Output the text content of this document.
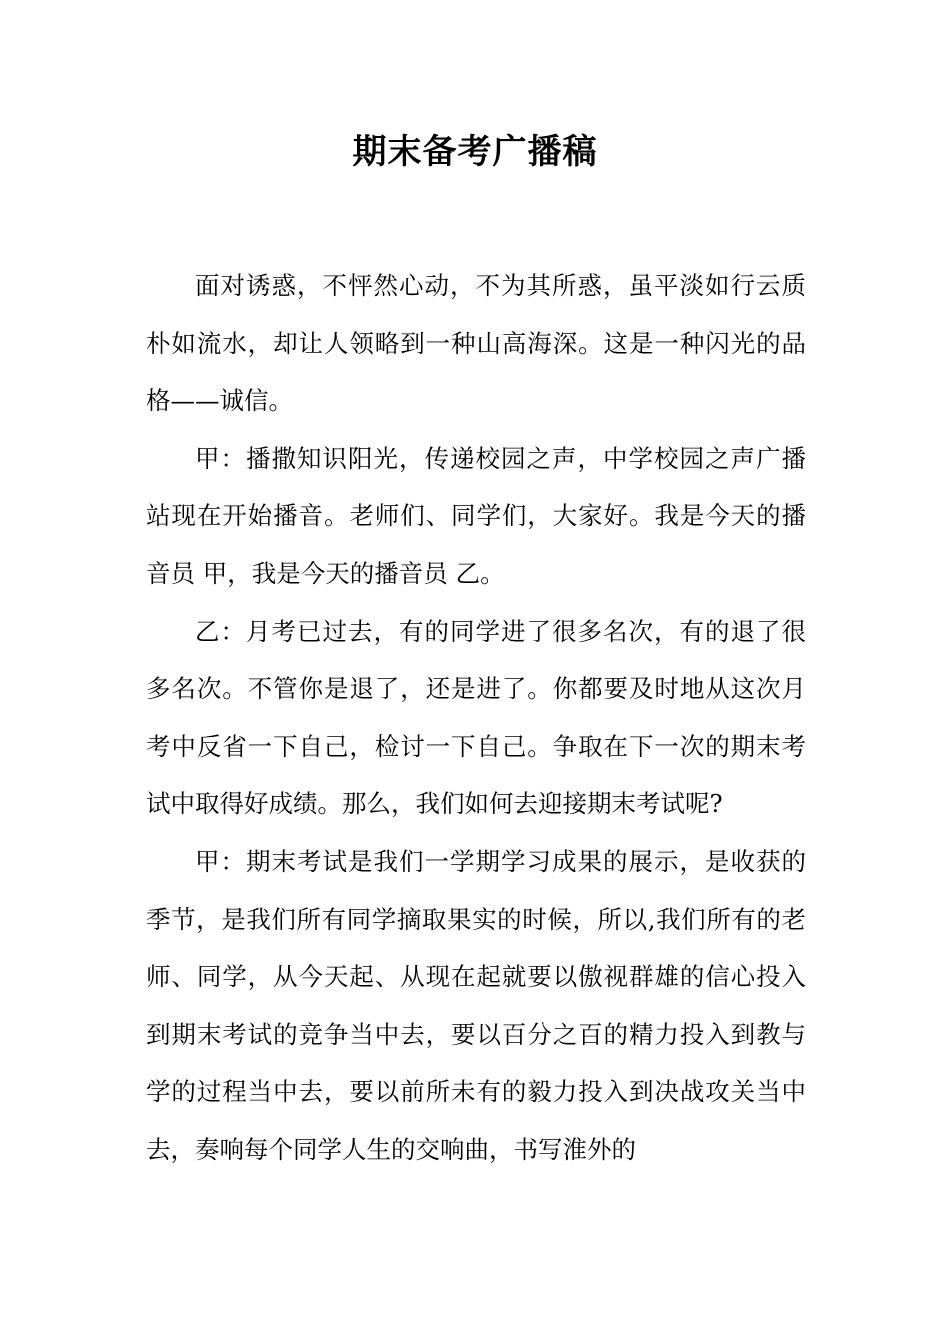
期末备考广播稿

面对诱惑，不怦然心动，不为其所惑，虽平淡如行云质朴如流水，却让人领略到一种山高海深。这是一种闪光的品格——诚信。

甲：播撒知识阳光，传递校园之声，中学校园之声广播站现在开始播音。老师们、同学们，大家好。我是今天的播音员 甲，我是今天的播音员 乙。

乙：月考已过去，有的同学进了很多名次，有的退了很多名次。不管你是退了，还是进了。你都要及时地从这次月考中反省一下自己，检讨一下自己。争取在下一次的期末考试中取得好成绩。那么，我们如何去迎接期末考试呢?

甲：期末考试是我们一学期学习成果的展示，是收获的季节，是我们所有同学摘取果实的时候，所以,我们所有的老师、同学，从今天起、从现在起就要以傲视群雄的信心投入到期末考试的竞争当中去，要以百分之百的精力投入到教与学的过程当中去，要以前所未有的毅力投入到决战攻关当中去，奏响每个同学人生的交响曲，书写淮外的
